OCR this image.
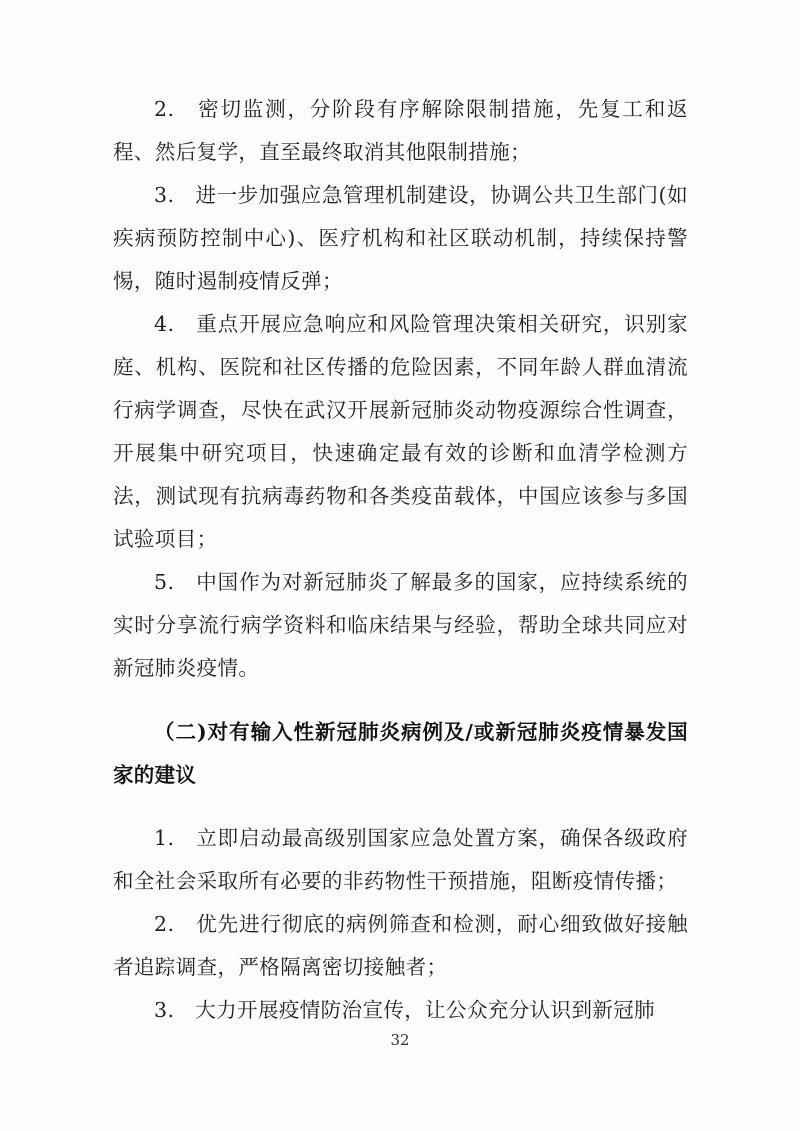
2.　密切监测，分阶段有序解除限制措施，先复工和返程、然后复学，直至最终取消其他限制措施；

3.　进一步加强应急管理机制建设，协调公共卫生部门(如疾病预防控制中心)、医疗机构和社区联动机制，持续保持警惕，随时遏制疫情反弹；

4.　重点开展应急响应和风险管理决策相关研究，识别家庭、机构、医院和社区传播的危险因素，不同年龄人群血清流行病学调查，尽快在武汉开展新冠肺炎动物疫源综合性调查，开展集中研究项目，快速确定最有效的诊断和血清学检测方法，测试现有抗病毒药物和各类疫苗载体，中国应该参与多国试验项目；

5.　中国作为对新冠肺炎了解最多的国家，应持续系统的实时分享流行病学资料和临床结果与经验，帮助全球共同应对新冠肺炎疫情。

（二)对有输入性新冠肺炎病例及/或新冠肺炎疫情暴发国家的建议

1.　立即启动最高级别国家应急处置方案，确保各级政府和全社会采取所有必要的非药物性干预措施，阻断疫情传播；

2.　优先进行彻底的病例筛查和检测，耐心细致做好接触者追踪调查，严格隔离密切接触者；

3.　大力开展疫情防治宣传，让公众充分认识到新冠肺

32
